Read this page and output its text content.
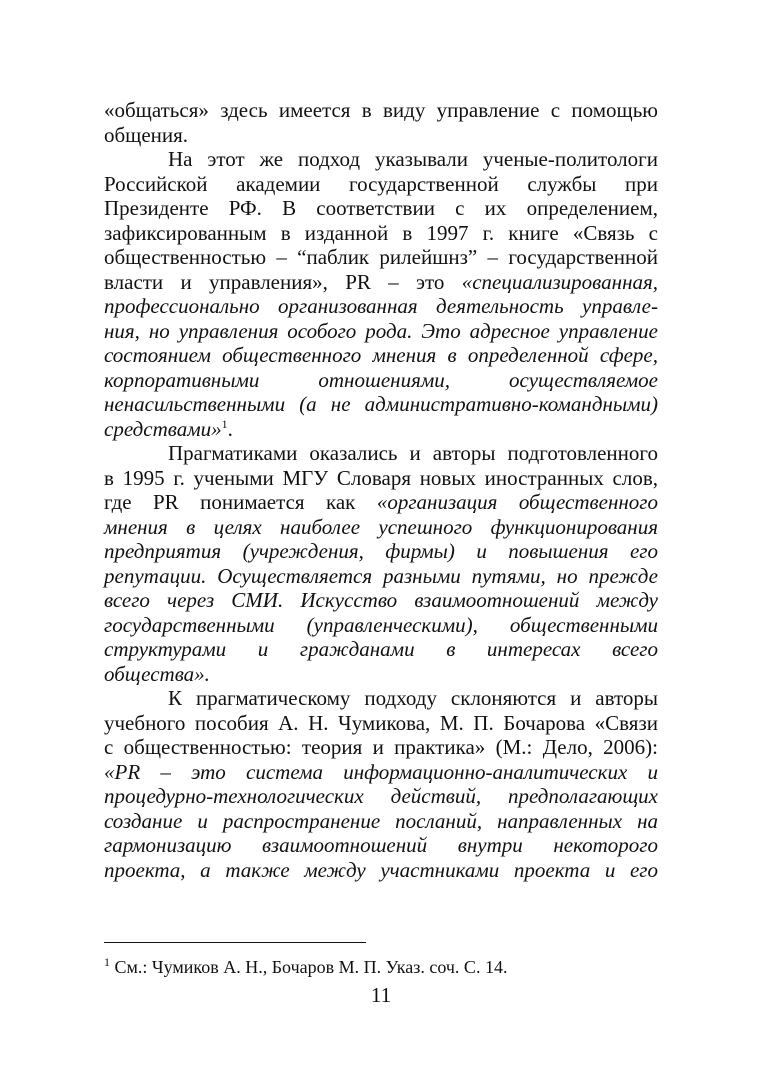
«общаться» здесь имеется в виду управление с помощью
общения.
На этот же подход указывали ученые-политологи
Российской академии государственной службы при
Президенте РФ. В соответствии с их определением,
зафиксированным в изданной в 1997 г. книге «Связь с
общественностью – “паблик рилейшнз” – государственной
власти и управления», PR – это «специализированная,
профессионально организованная деятельность управле-
ния, но управления особого рода. Это адресное управление
состоянием общественного мнения в определенной сфере,
корпоративными отношениями, осуществляемое
ненасильственными (а не административно-командными)
средствами»$^1$.
Прагматиками оказались и авторы подготовленного
в 1995 г. учеными МГУ Словаря новых иностранных слов,
где PR понимается как «организация общественного
мнения в целях наиболее успешного функционирования
предприятия (учреждения, фирмы) и повышения его
репутации. Осуществляется разными путями, но прежде
всего через СМИ. Искусство взаимоотношений между
государственными (управленческими), общественными
структурами и гражданами в интересах всего
общества».
К прагматическому подходу склоняются и авторы
учебного пособия А. Н. Чумикова, М. П. Бочарова «Связи
с общественностью: теория и практика» (М.: Дело, 2006):
«PR – это система информационно-аналитических и
процедурно-технологических действий, предполагающих
создание и распространение посланий, направленных на
гармонизацию взаимоотношений внутри некоторого
проекта, а также между участниками проекта и его
$^1$ См.: Чумиков А. Н., Бочаров М. П. Указ. соч. С. 14.
11
